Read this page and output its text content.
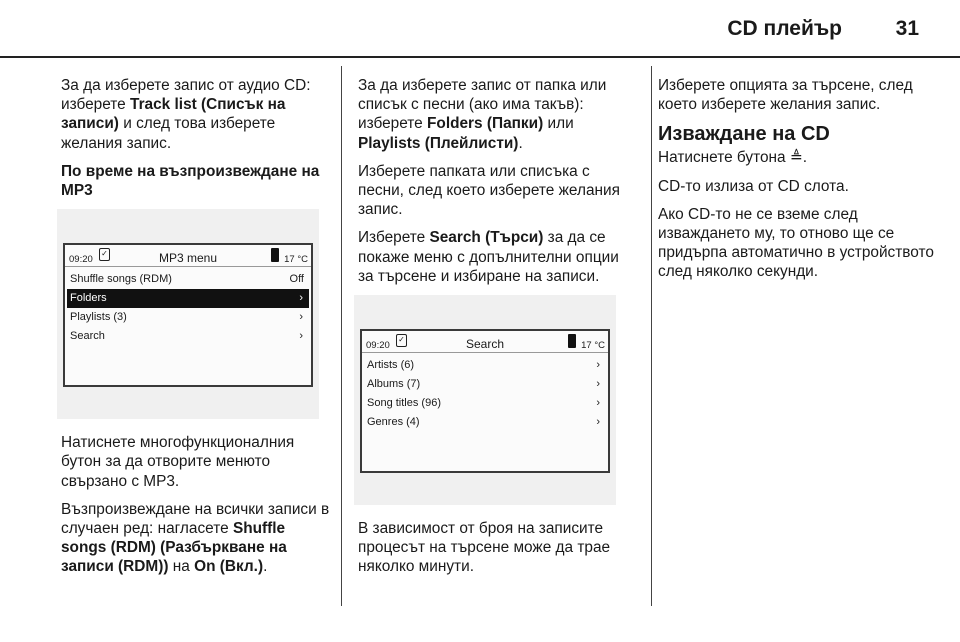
CD плейър	31

За да изберете запис от аудио CD: изберете Track list (Списък на записи) и след това изберете желания запис.

По време на възпроизвеждане на MP3

09:20
✓	MP3 menu	17 °C
Shuffle songs (RDM)	Off
Folders	›
Playlists (3)	›
Search	›

Натиснете многофункционалния бутон за да отворите менюто свързано с MP3.

Възпроизвеждане на всички записи в случаен ред: нагласете Shuffle songs (RDM) (Разбъркване на записи (RDM)) на On (Вкл.).

За да изберете запис от папка или списък с песни (ако има такъв): изберете Folders (Папки) или Playlists (Плейлисти).

Изберете папката или списъка с песни, след което изберете желания запис.

Изберете Search (Търси) за да се покаже меню с допълнителни опции за търсене и избиране на записи.

09:20
✓	Search	17 °C
Artists (6)	›
Albums (7)	›
Song titles (96)	›
Genres (4)	›

В зависимост от броя на записите процесът на търсене може да трае няколко минути.

Изберете опцията за търсене, след което изберете желания запис.

Изваждане на CD

Натиснете бутона ≜.

CD-то излиза от CD слота.

Ако CD-то не се вземе след изваждането му, то отново ще се придърпа автоматично в устройството след няколко секунди.
